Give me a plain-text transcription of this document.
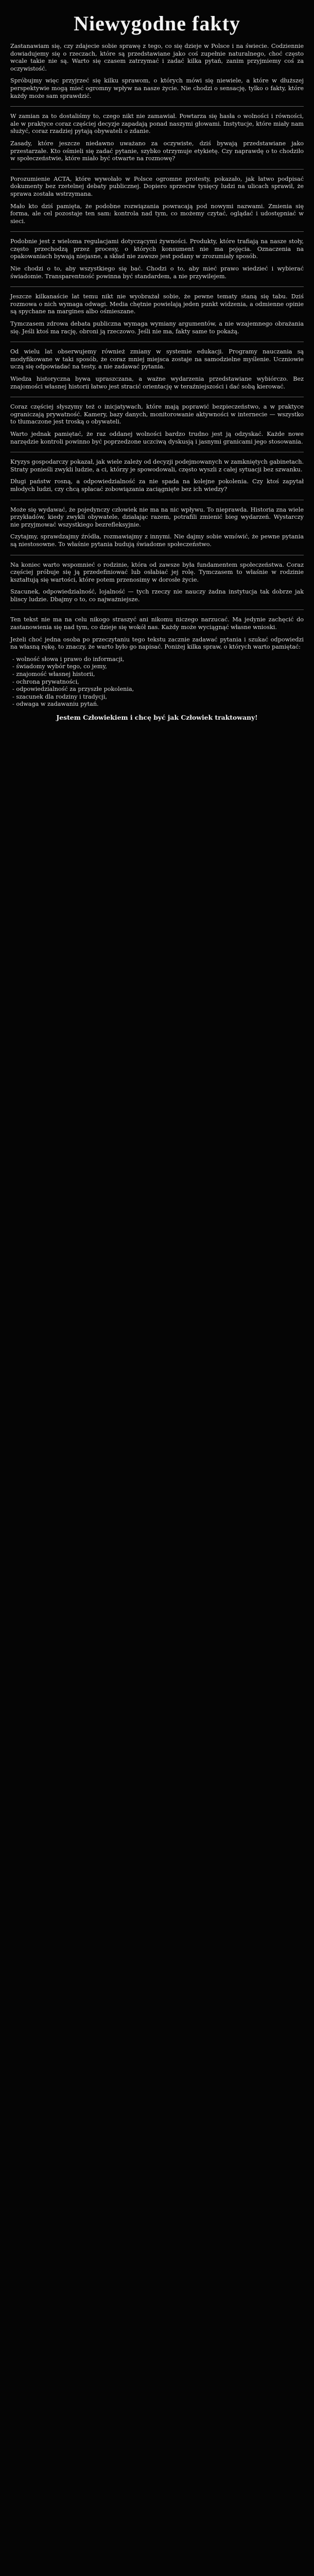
Niewygodne fakty

Zastanawiam się, czy zdajecie sobie sprawę z tego, co się dzieje w Polsce i na świecie. Codziennie dowiadujemy się o rzeczach, które są przedstawiane jako coś zupełnie naturalnego, choć często wcale takie nie są. Warto się czasem zatrzymać i zadać kilka pytań, zanim przyjmiemy coś za oczywistość.

Spróbujmy więc przyjrzeć się kilku sprawom, o których mówi się niewiele, a które w dłuższej perspektywie mogą mieć ogromny wpływ na nasze życie. Nie chodzi o sensację, tylko o fakty, które każdy może sam sprawdzić.

W zamian za to dostaliśmy to, czego nikt nie zamawiał. Powtarza się hasła o wolności i równości, ale w praktyce coraz częściej decyzje zapadają ponad naszymi głowami. Instytucje, które miały nam służyć, coraz rzadziej pytają obywateli o zdanie.

Zasady, które jeszcze niedawno uważano za oczywiste, dziś bywają przedstawiane jako przestarzałe. Kto ośmieli się zadać pytanie, szybko otrzymuje etykietę. Czy naprawdę o to chodziło w społeczeństwie, które miało być otwarte na rozmowę?

Porozumienie ACTA, które wywołało w Polsce ogromne protesty, pokazało, jak łatwo podpisać dokumenty bez rzetelnej debaty publicznej. Dopiero sprzeciw tysięcy ludzi na ulicach sprawił, że sprawa została wstrzymana.

Mało kto dziś pamięta, że podobne rozwiązania powracają pod nowymi nazwami. Zmienia się forma, ale cel pozostaje ten sam: kontrola nad tym, co możemy czytać, oglądać i udostępniać w sieci.

Podobnie jest z wieloma regulacjami dotyczącymi żywności. Produkty, które trafiają na nasze stoły, często przechodzą przez procesy, o których konsument nie ma pojęcia. Oznaczenia na opakowaniach bywają niejasne, a skład nie zawsze jest podany w zrozumiały sposób.

Nie chodzi o to, aby wszystkiego się bać. Chodzi o to, aby mieć prawo wiedzieć i wybierać świadomie. Transparentność powinna być standardem, a nie przywilejem.

Jeszcze kilkanaście lat temu nikt nie wyobrażał sobie, że pewne tematy staną się tabu. Dziś rozmowa o nich wymaga odwagi. Media chętnie powielają jeden punkt widzenia, a odmienne opinie są spychane na margines albo ośmieszane.

Tymczasem zdrowa debata publiczna wymaga wymiany argumentów, a nie wzajemnego obrażania się. Jeśli ktoś ma rację, obroni ją rzeczowo. Jeśli nie ma, fakty same to pokażą.

Od wielu lat obserwujemy również zmiany w systemie edukacji. Programy nauczania są modyfikowane w taki sposób, że coraz mniej miejsca zostaje na samodzielne myślenie. Uczniowie uczą się odpowiadać na testy, a nie zadawać pytania.

Wiedza historyczna bywa upraszczana, a ważne wydarzenia przedstawiane wybiórczo. Bez znajomości własnej historii łatwo jest stracić orientację w teraźniejszości i dać sobą kierować.

Coraz częściej słyszymy też o inicjatywach, które mają poprawić bezpieczeństwo, a w praktyce ograniczają prywatność. Kamery, bazy danych, monitorowanie aktywności w internecie — wszystko to tłumaczone jest troską o obywateli.

Warto jednak pamiętać, że raz oddanej wolności bardzo trudno jest ją odzyskać. Każde nowe narzędzie kontroli powinno być poprzedzone uczciwą dyskusją i jasnymi granicami jego stosowania.

Kryzys gospodarczy pokazał, jak wiele zależy od decyzji podejmowanych w zamkniętych gabinetach. Straty ponieśli zwykli ludzie, a ci, którzy je spowodowali, często wyszli z całej sytuacji bez szwanku.

Długi państw rosną, a odpowiedzialność za nie spada na kolejne pokolenia. Czy ktoś zapytał młodych ludzi, czy chcą spłacać zobowiązania zaciągnięte bez ich wiedzy?

Może się wydawać, że pojedynczy człowiek nie ma na nic wpływu. To nieprawda. Historia zna wiele przykładów, kiedy zwykli obywatele, działając razem, potrafili zmienić bieg wydarzeń. Wystarczy nie przyjmować wszystkiego bezrefleksyjnie.

Czytajmy, sprawdzajmy źródła, rozmawiajmy z innymi. Nie dajmy sobie wmówić, że pewne pytania są niestosowne. To właśnie pytania budują świadome społeczeństwo.

Na koniec warto wspomnieć o rodzinie, która od zawsze była fundamentem społeczeństwa. Coraz częściej próbuje się ją przedefiniować lub osłabiać jej rolę. Tymczasem to właśnie w rodzinie kształtują się wartości, które potem przenosimy w dorosłe życie.

Szacunek, odpowiedzialność, lojalność — tych rzeczy nie nauczy żadna instytucja tak dobrze jak bliscy ludzie. Dbajmy o to, co najważniejsze.

Ten tekst nie ma na celu nikogo straszyć ani nikomu niczego narzucać. Ma jedynie zachęcić do zastanowienia się nad tym, co dzieje się wokół nas. Każdy może wyciągnąć własne wnioski.

Jeżeli choć jedna osoba po przeczytaniu tego tekstu zacznie zadawać pytania i szukać odpowiedzi na własną rękę, to znaczy, że warto było go napisać. Poniżej kilka spraw, o których warto pamiętać:

- wolność słowa i prawo do informacji,
- świadomy wybór tego, co jemy,
- znajomość własnej historii,
- ochrona prywatności,
- odpowiedzialność za przyszłe pokolenia,
- szacunek dla rodziny i tradycji,
- odwaga w zadawaniu pytań.
Jestem Człowiekiem i chcę być jak Człowiek traktowany!
